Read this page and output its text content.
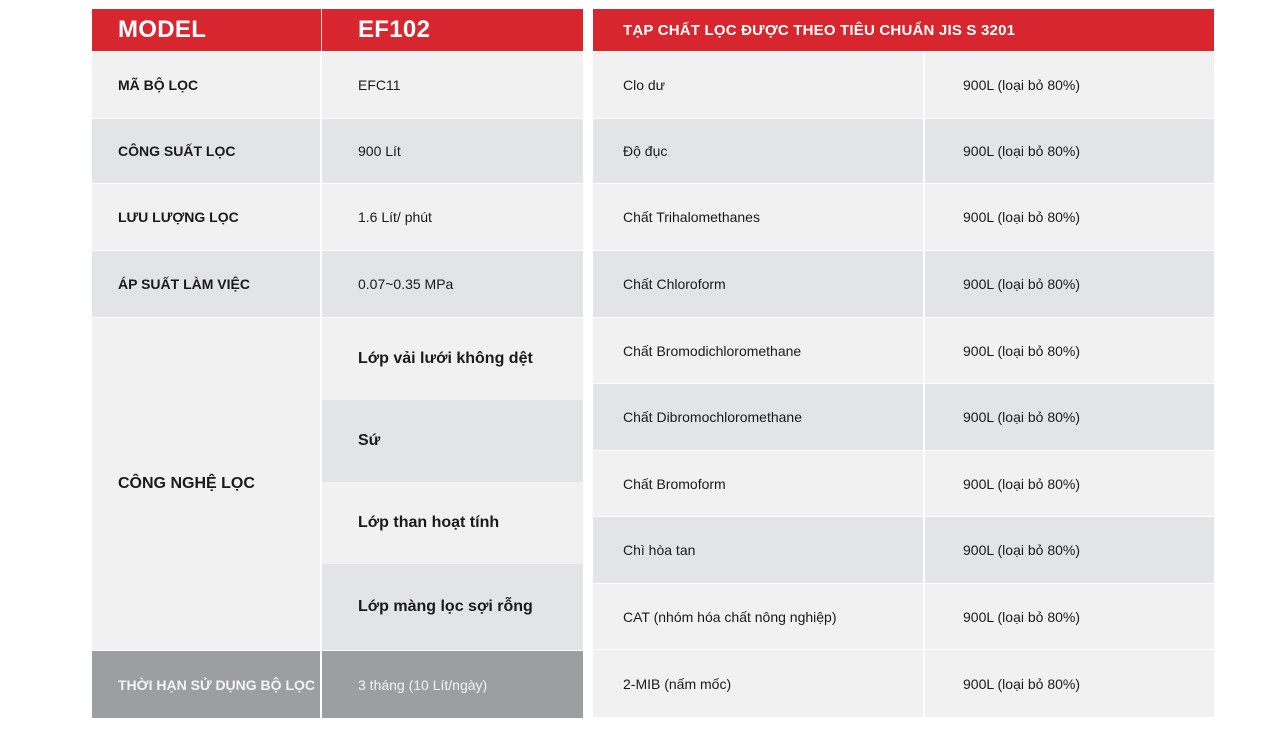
MODEL	EF102
MÃ BỘ LỌC	EFC11
CÔNG SUẤT LỌC	900 Lít
LƯU LƯỢNG LỌC	1.6 Lít/ phút
ÁP SUẤT LÀM VIỆC	0.07~0.35 MPa
CÔNG NGHỆ LỌC
Lớp vải lưới không dệt
Sứ
Lớp than hoạt tính
Lớp màng lọc sợi rỗng
THỜI HẠN SỬ DỤNG BỘ LỌC	3 tháng (10 Lít/ngày)
TẠP CHẤT LỌC ĐƯỢC THEO TIÊU CHUẨN JIS S 3201
Clo dư	900L (loại bỏ 80%)
Độ đục	900L (loại bỏ 80%)
Chất Trihalomethanes	900L (loại bỏ 80%)
Chất Chloroform	900L (loại bỏ 80%)
Chất Bromodichloromethane	900L (loại bỏ 80%)
Chất Dibromochloromethane	900L (loại bỏ 80%)
Chất Bromoform	900L (loại bỏ 80%)
Chì hòa tan	900L (loại bỏ 80%)
CAT (nhóm hóa chất nông nghiệp)	900L (loại bỏ 80%)
2-MIB (nấm mốc)	900L (loại bỏ 80%)
